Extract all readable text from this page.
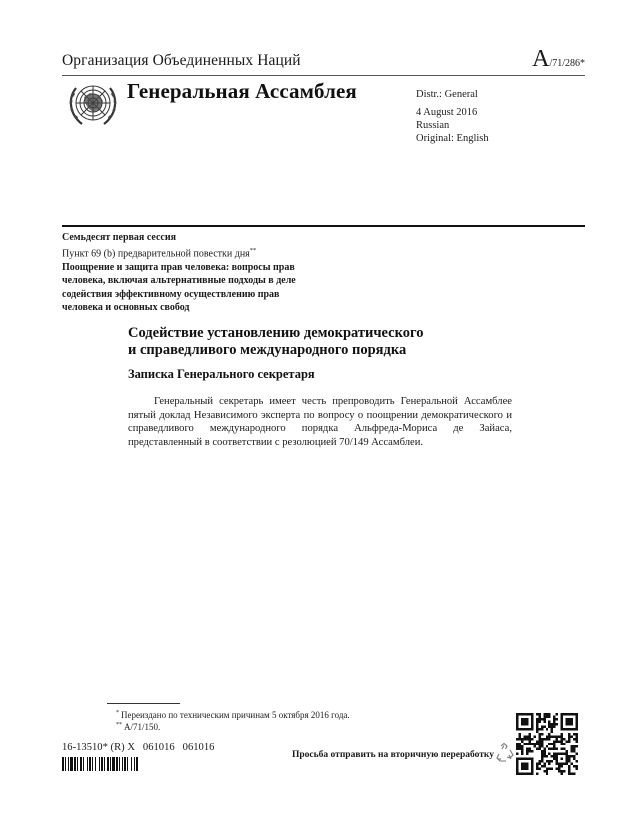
Организация Объединенных Наций	A/71/286*
Генеральная Ассамблея	Distr.: General
4 August 2016
Russian
Original: English
Семьдесят первая сессия
Пункт 69 (b) предварительной повестки дня**
Поощрение и защита прав человека: вопросы прав
человека, включая альтернативные подходы в деле
содействия эффективному осуществлению прав
человека и основных свобод
Содействие установлению демократического
и справедливого международного порядка
Записка Генерального секретаря
Генеральный секретарь имеет честь препроводить Генеральной Ассамблее пятый доклад Независимого эксперта по вопросу о поощрении демократического и справедливого международного порядка Альфреда-Мориса де Зайаса, представленный в соответствии с резолюцией 70/149 Ассамблеи.
* Переиздано по техническим причинам 5 октября 2016 года.
** A/71/150.
16-13510* (R) X   061016   061016
Просьба отправить на вторичную переработку
